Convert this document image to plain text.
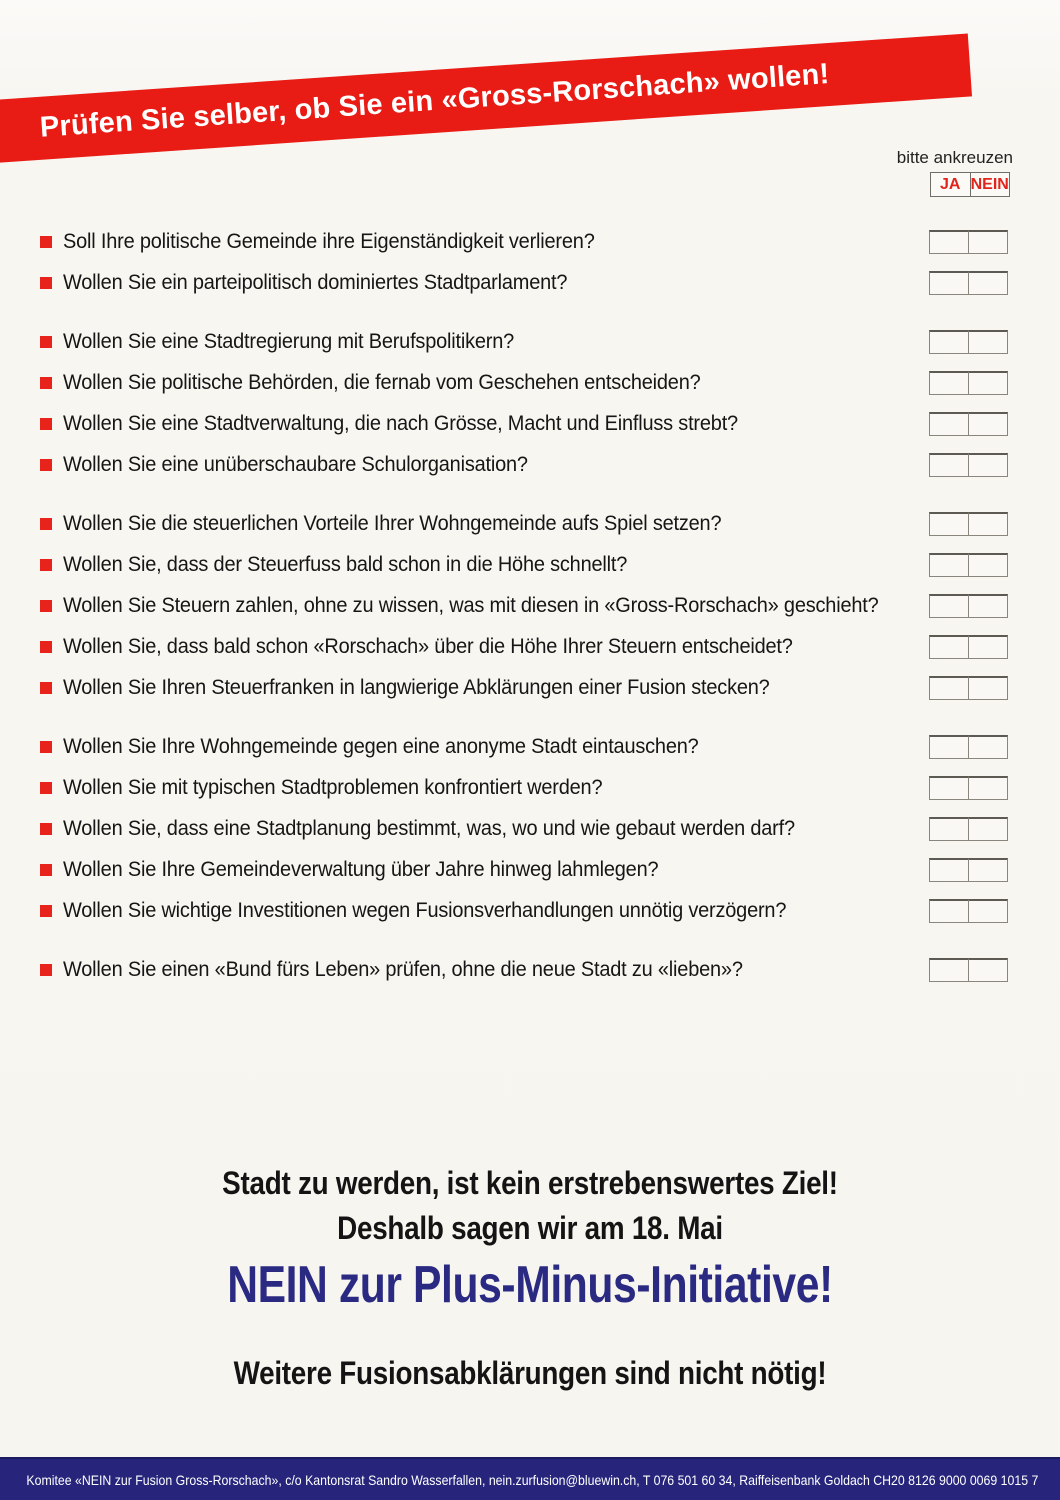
Prüfen Sie selber, ob Sie ein «Gross-Rorschach» wollen!
bitte ankreuzen
JA NEIN
Soll Ihre politische Gemeinde ihre Eigenständigkeit verlieren?
Wollen Sie ein parteipolitisch dominiertes Stadtparlament?
Wollen Sie eine Stadtregierung mit Berufspolitikern?
Wollen Sie politische Behörden, die fernab vom Geschehen entscheiden?
Wollen Sie eine Stadtverwaltung, die nach Grösse, Macht und Einfluss strebt?
Wollen Sie eine unüberschaubare Schulorganisation?
Wollen Sie die steuerlichen Vorteile Ihrer Wohngemeinde aufs Spiel setzen?
Wollen Sie, dass der Steuerfuss bald schon in die Höhe schnellt?
Wollen Sie Steuern zahlen, ohne zu wissen, was mit diesen in «Gross-Rorschach» geschieht?
Wollen Sie, dass bald schon «Rorschach» über die Höhe Ihrer Steuern entscheidet?
Wollen Sie Ihren Steuerfranken in langwierige Abklärungen einer Fusion stecken?
Wollen Sie Ihre Wohngemeinde gegen eine anonyme Stadt eintauschen?
Wollen Sie mit typischen Stadtproblemen konfrontiert werden?
Wollen Sie, dass eine Stadtplanung bestimmt, was, wo und wie gebaut werden darf?
Wollen Sie Ihre Gemeindeverwaltung über Jahre hinweg lahmlegen?
Wollen Sie wichtige Investitionen wegen Fusionsverhandlungen unnötig verzögern?
Wollen Sie einen «Bund fürs Leben» prüfen, ohne die neue Stadt zu «lieben»?
Stadt zu werden, ist kein erstrebenswertes Ziel!
Deshalb sagen wir am 18. Mai
NEIN zur Plus-Minus-Initiative!
Weitere Fusionsabklärungen sind nicht nötig!
Komitee «NEIN zur Fusion Gross-Rorschach», c/o Kantonsrat Sandro Wasserfallen, nein.zurfusion@bluewin.ch, T 076 501 60 34, Raiffeisenbank Goldach CH20 8126 9000 0069 1015 7
